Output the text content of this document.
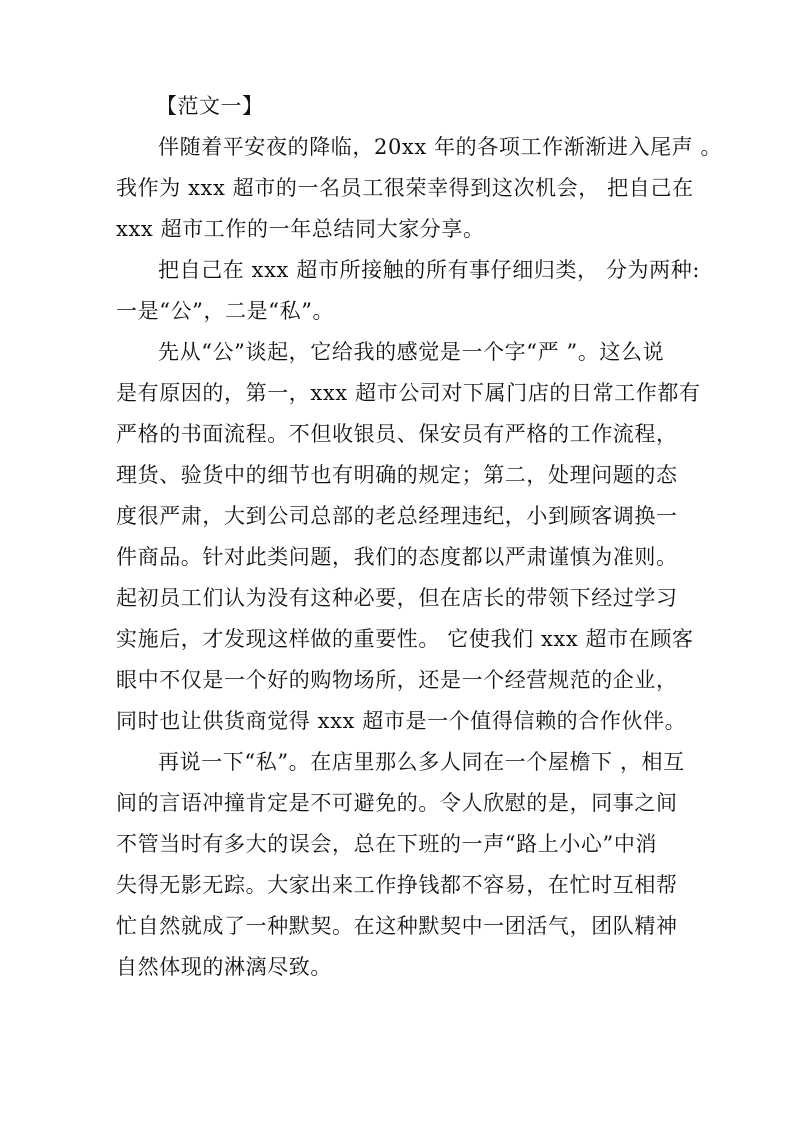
【范文一】

伴随着平安夜的降临，20xx 年的各项工作渐渐进入尾声 。
我作为 xxx 超市的一名员工很荣幸得到这次机会， 把自己在
xxx 超市工作的一年总结同大家分享。

把自己在 xxx 超市所接触的所有事仔细归类， 分为两种:
一是“公”，二是“私”。

先从“公”谈起，它给我的感觉是一个字“严 ”。这么说
是有原因的，第一，xxx 超市公司对下属门店的日常工作都有
严格的书面流程。不但收银员、保安员有严格的工作流程，
理货、验货中的细节也有明确的规定；第二，处理问题的态
度很严肃，大到公司总部的老总经理违纪，小到顾客调换一
件商品。针对此类问题，我们的态度都以严肃谨慎为准则。
起初员工们认为没有这种必要，但在店长的带领下经过学习
实施后，才发现这样做的重要性。 它使我们 xxx 超市在顾客
眼中不仅是一个好的购物场所，还是一个经营规范的企业，
同时也让供货商觉得 xxx 超市是一个值得信赖的合作伙伴。

再说一下“私”。在店里那么多人同在一个屋檐下 ，相互
间的言语冲撞肯定是不可避免的。令人欣慰的是，同事之间
不管当时有多大的误会，总在下班的一声“路上小心”中消
失得无影无踪。大家出来工作挣钱都不容易，在忙时互相帮
忙自然就成了一种默契。在这种默契中一团活气，团队精神
自然体现的淋漓尽致。
